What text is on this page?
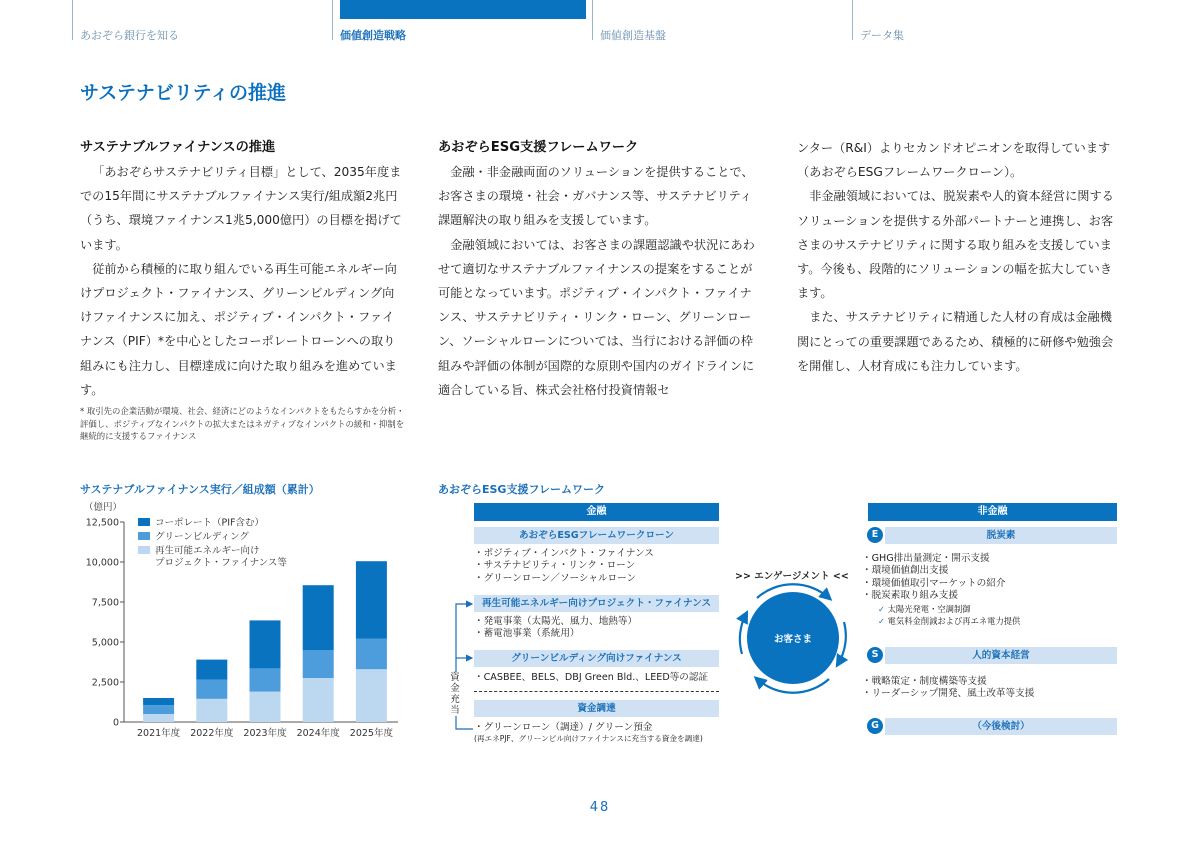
あおぞら銀行を知る	価値創造戦略	価値創造基盤	データ集
サステナビリティの推進
サステナブルファイナンスの推進

「あおぞらサステナビリティ目標」として、2035年度までの15年間にサステナブルファイナンス実行/組成額2兆円（うち、環境ファイナンス1兆5,000億円）の目標を掲げています。

従前から積極的に取り組んでいる再生可能エネルギー向けプロジェクト・ファイナンス、グリーンビルディング向けファイナンスに加え、ポジティブ・インパクト・ファイナンス（PIF）*を中心としたコーポレートローンへの取り組みにも注力し、目標達成に向けた取り組みを進めています。

* 取引先の企業活動が環境、社会、経済にどのようなインパクトをもたらすかを分析・評価し、ポジティブなインパクトの拡大またはネガティブなインパクトの緩和・抑制を継続的に支援するファイナンス
あおぞらESG支援フレームワーク

金融・非金融両面のソリューションを提供することで、お客さまの環境・社会・ガバナンス等、サステナビリティ課題解決の取り組みを支援しています。

金融領域においては、お客さまの課題認識や状況にあわせて適切なサステナブルファイナンスの提案をすることが可能となっています。ポジティブ・インパクト・ファイナンス、サステナビリティ・リンク・ローン、グリーンローン、ソーシャルローンについては、当行における評価の枠組みや評価の体制が国際的な原則や国内のガイドラインに適合している旨、株式会社格付投資情報セ

ンター（R&I）よりセカンドオピニオンを取得しています（あおぞらESGフレームワークローン）。

非金融領域においては、脱炭素や人的資本経営に関するソリューションを提供する外部パートナーと連携し、お客さまのサステナビリティに関する取り組みを支援しています。今後も、段階的にソリューションの幅を拡大していきます。

また、サステナビリティに精通した人材の育成は金融機関にとっての重要課題であるため、積極的に研修や勉強会を開催し、人材育成にも注力しています。

サステナブルファイナンス実行／組成額（累計）
（億円）
0
2,500
5,000
7,500
10,000
12,500
2021年度 2022年度 2023年度 2024年度 2025年度
コーポレート（PIF含む）
グリーンビルディング
再生可能エネルギー向け
プロジェクト・ファイナンス等
あおぞらESG支援フレームワーク
金融
あおぞらESGフレームワークローン
・ポジティブ・インパクト・ファイナンス
・サステナビリティ・リンク・ローン
・グリーンローン／ソーシャルローン
再生可能エネルギー向けプロジェクト・ファイナンス
・発電事業（太陽光、風力、地熱等）
・蓄電池事業（系統用）
グリーンビルディング向けファイナンス
・CASBEE、BELS、DBJ Green Bld.、LEED等の認証
資金調達
・グリーンローン（調達）/ グリーン預金
(再エネPJF、グリーンビル向けファイナンスに充当する資金を調達)
資金充当
>> エンゲージメント <<
お客さま
非金融
E	脱炭素
・GHG排出量測定・開示支援
・環境価値創出支援
・環境価値取引マーケットの紹介
・脱炭素取り組み支援
✓ 太陽光発電・空調制御
✓ 電気料金削減および再エネ電力提供
S	人的資本経営
・戦略策定・制度構築等支援
・リーダーシップ開発、風土改革等支援
G	（今後検討）
48
